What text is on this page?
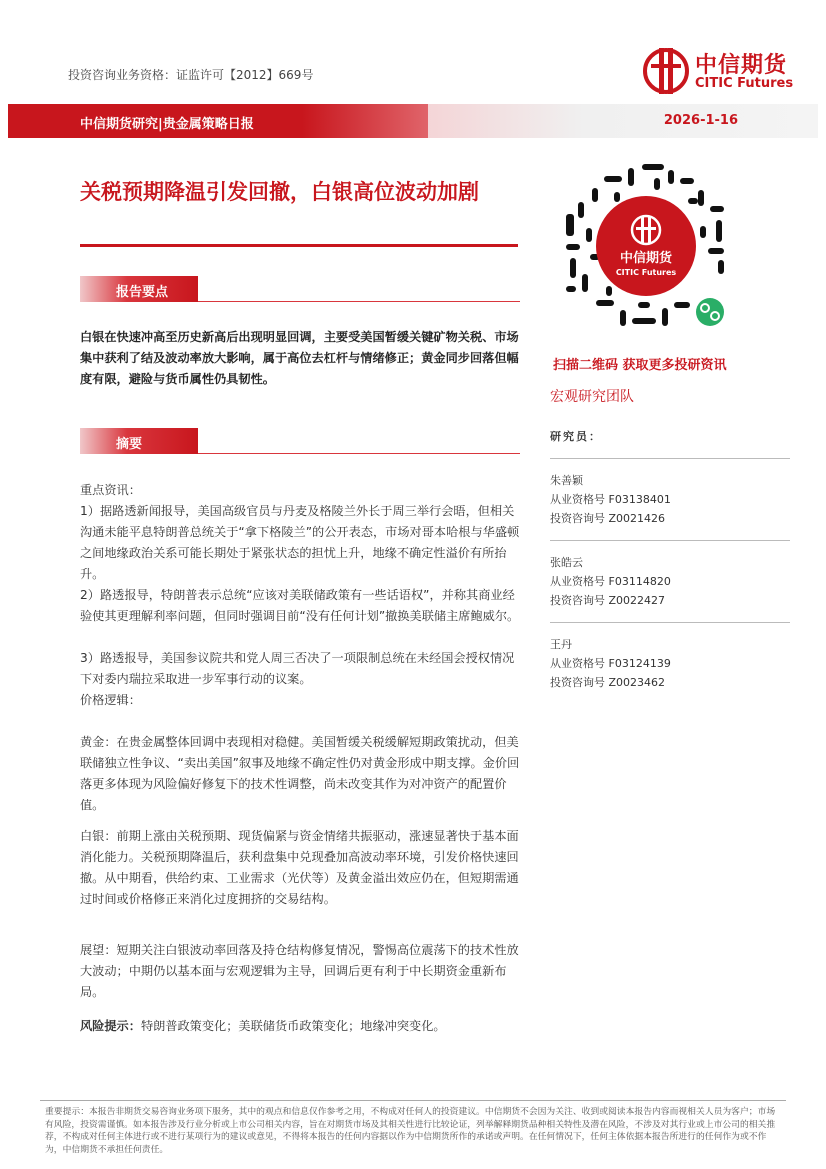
投资咨询业务资格：证监许可【2012】669号	中信期货
CITIC Futures
中信期货研究|贵金属策略日报	2026-1-16
关税预期降温引发回撤，白银高位波动加剧
报告要点
白银在快速冲高至历史新高后出现明显回调，主要受美国暂缓关键矿物关税、市场集中获利了结及波动率放大影响，属于高位去杠杆与情绪修正；黄金同步回落但幅度有限，避险与货币属性仍具韧性。
摘要
重点资讯：
1）据路透新闻报导，美国高级官员与丹麦及格陵兰外长于周三举行会晤，但相关沟通未能平息特朗普总统关于“拿下格陵兰”的公开表态，市场对哥本哈根与华盛顿之间地缘政治关系可能长期处于紧张状态的担忧上升，地缘不确定性溢价有所抬升。
2）路透报导，特朗普表示总统“应该对美联储政策有一些话语权”，并称其商业经验使其更理解利率问题，但同时强调目前“没有任何计划”撤换美联储主席鲍威尔。
3）路透报导，美国参议院共和党人周三否决了一项限制总统在未经国会授权情况下对委内瑞拉采取进一步军事行动的议案。
价格逻辑：
黄金：在贵金属整体回调中表现相对稳健。美国暂缓关税缓解短期政策扰动，但美联储独立性争议、“卖出美国”叙事及地缘不确定性仍对黄金形成中期支撑。金价回落更多体现为风险偏好修复下的技术性调整，尚未改变其作为对冲资产的配置价值。
白银：前期上涨由关税预期、现货偏紧与资金情绪共振驱动，涨速显著快于基本面消化能力。关税预期降温后，获利盘集中兑现叠加高波动率环境，引发价格快速回撤。从中期看，供给约束、工业需求（光伏等）及黄金溢出效应仍在，但短期需通过时间或价格修正来消化过度拥挤的交易结构。
展望：短期关注白银波动率回落及持仓结构修复情况，警惕高位震荡下的技术性放大波动；中期仍以基本面与宏观逻辑为主导，回调后更有利于中长期资金重新布局。
风险提示：特朗普政策变化；美联储货币政策变化；地缘冲突变化。
中信期货
CITIC Futures
扫描二维码 获取更多投研资讯
宏观研究团队
研究员：
朱善颖
从业资格号 F03138401
投资咨询号 Z0021426
张皓云
从业资格号 F03114820
投资咨询号 Z0022427
王丹
从业资格号 F03124139
投资咨询号 Z0023462
重要提示：本报告非期货交易咨询业务项下服务，其中的观点和信息仅作参考之用，不构成对任何人的投资建议。中信期货不会因为关注、收到或阅读本报告内容而视相关人员为客户；市场有风险，投资需谨慎。如本报告涉及行业分析或上市公司相关内容，旨在对期货市场及其相关性进行比较论证，列举解释期货品种相关特性及潜在风险，不涉及对其行业或上市公司的相关推荐，不构成对任何主体进行或不进行某项行为的建议或意见，不得将本报告的任何内容据以作为中信期货所作的承诺或声明。在任何情况下，任何主体依据本报告所进行的任何作为或不作为，中信期货不承担任何责任。
